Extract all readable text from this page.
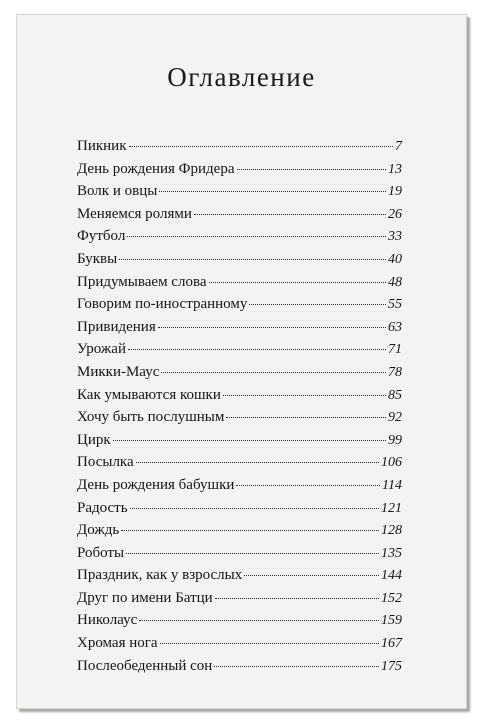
Оглавление
Пикник	7
День рождения Фридера	13
Волк и овцы	19
Меняемся ролями	26
Футбол	33
Буквы	40
Придумываем слова	48
Говорим по-иностранному	55
Привидения	63
Урожай	71
Микки-Маус	78
Как умываются кошки	85
Хочу быть послушным	92
Цирк	99
Посылка	106
День рождения бабушки	114
Радость	121
Дождь	128
Роботы	135
Праздник, как у взрослых	144
Друг по имени Батци	152
Николаус	159
Хромая нога	167
Послеобеденный сон	175
